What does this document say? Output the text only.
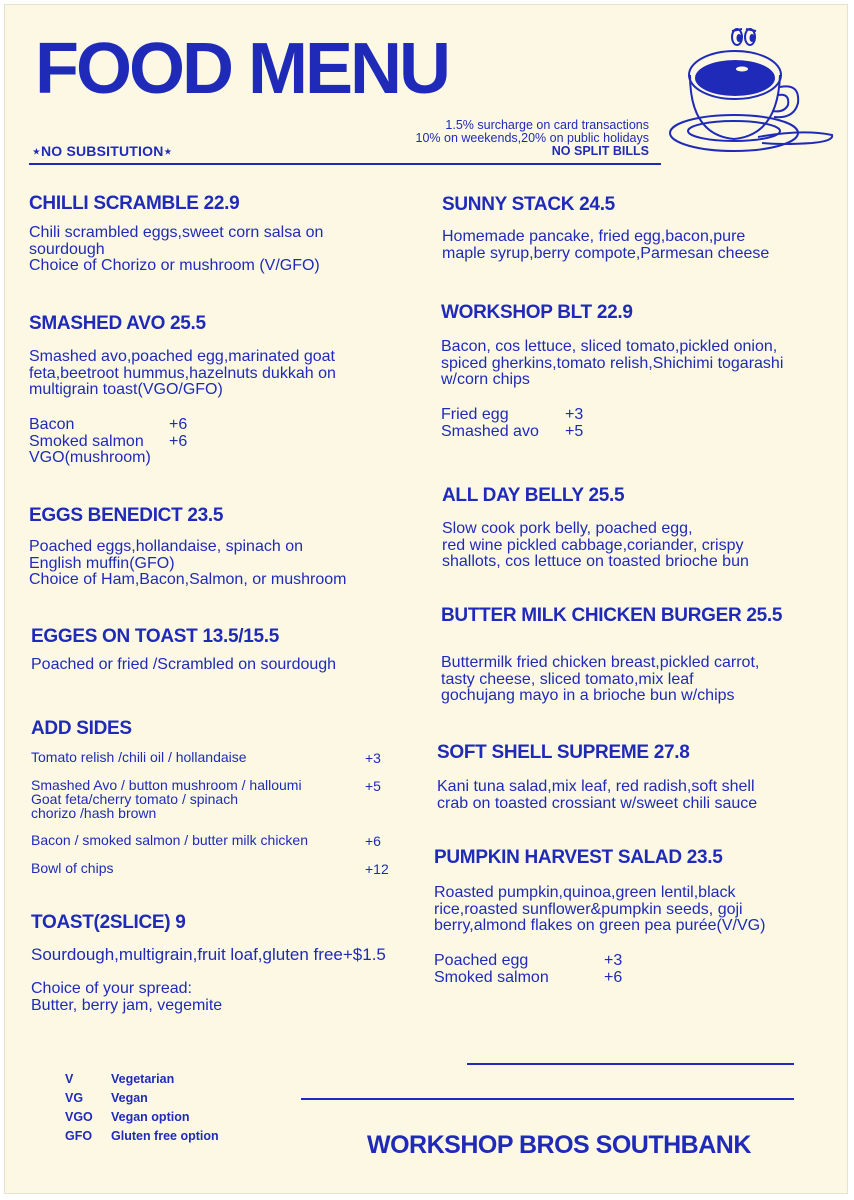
FOOD MENU
⋆NO SUBSITUTION⋆
1.5% surcharge on card transactions
10% on weekends,20% on public holidays
NO SPLIT BILLS
CHILLI SCRAMBLE 22.9
Chili scrambled eggs,sweet corn salsa on
sourdough
Choice of Chorizo or mushroom (V/GFO)
SMASHED AVO 25.5
Smashed avo,poached egg,marinated goat
feta,beetroot hummus,hazelnuts dukkah on
multigrain toast(VGO/GFO)
Bacon	+6
Smoked salmon	+6
VGO(mushroom)
EGGS BENEDICT 23.5
Poached eggs,hollandaise, spinach on
English muffin(GFO)
Choice of Ham,Bacon,Salmon, or mushroom
EGGES ON TOAST 13.5/15.5
Poached or fried /Scrambled on sourdough
ADD SIDES
Tomato relish /chili oil / hollandaise	+3
Smashed Avo / button mushroom / halloumi
Goat feta/cherry tomato / spinach
chorizo /hash brown
+5
Bacon / smoked salmon / butter milk chicken	+6
Bowl of chips	+12
TOAST(2SLICE) 9
Sourdough,multigrain,fruit loaf,gluten free+$1.5
Choice of your spread:
Butter, berry jam, vegemite
V	Vegetarian
VG	Vegan
VGO	Vegan option
GFO	Gluten free option
SUNNY STACK 24.5
Homemade pancake, fried egg,bacon,pure
maple syrup,berry compote,Parmesan cheese
WORKSHOP BLT 22.9
Bacon, cos lettuce, sliced tomato,pickled onion,
spiced gherkins,tomato relish,Shichimi togarashi
w/corn chips
Fried egg	+3
Smashed avo	+5
ALL DAY BELLY 25.5
Slow cook pork belly, poached egg,
red wine pickled cabbage,coriander, crispy
shallots, cos lettuce on toasted brioche bun
BUTTER MILK CHICKEN BURGER 25.5
Buttermilk fried chicken breast,pickled carrot,
tasty cheese, sliced tomato,mix leaf
gochujang mayo in a brioche bun w/chips
SOFT SHELL SUPREME 27.8
Kani tuna salad,mix leaf, red radish,soft shell
crab on toasted crossiant w/sweet chili sauce
PUMPKIN HARVEST SALAD 23.5
Roasted pumpkin,quinoa,green lentil,black
rice,roasted sunflower&pumpkin seeds, goji
berry,almond flakes on green pea purée(V/VG)
Poached egg	+3
Smoked salmon	+6
WORKSHOP BROS SOUTHBANK
